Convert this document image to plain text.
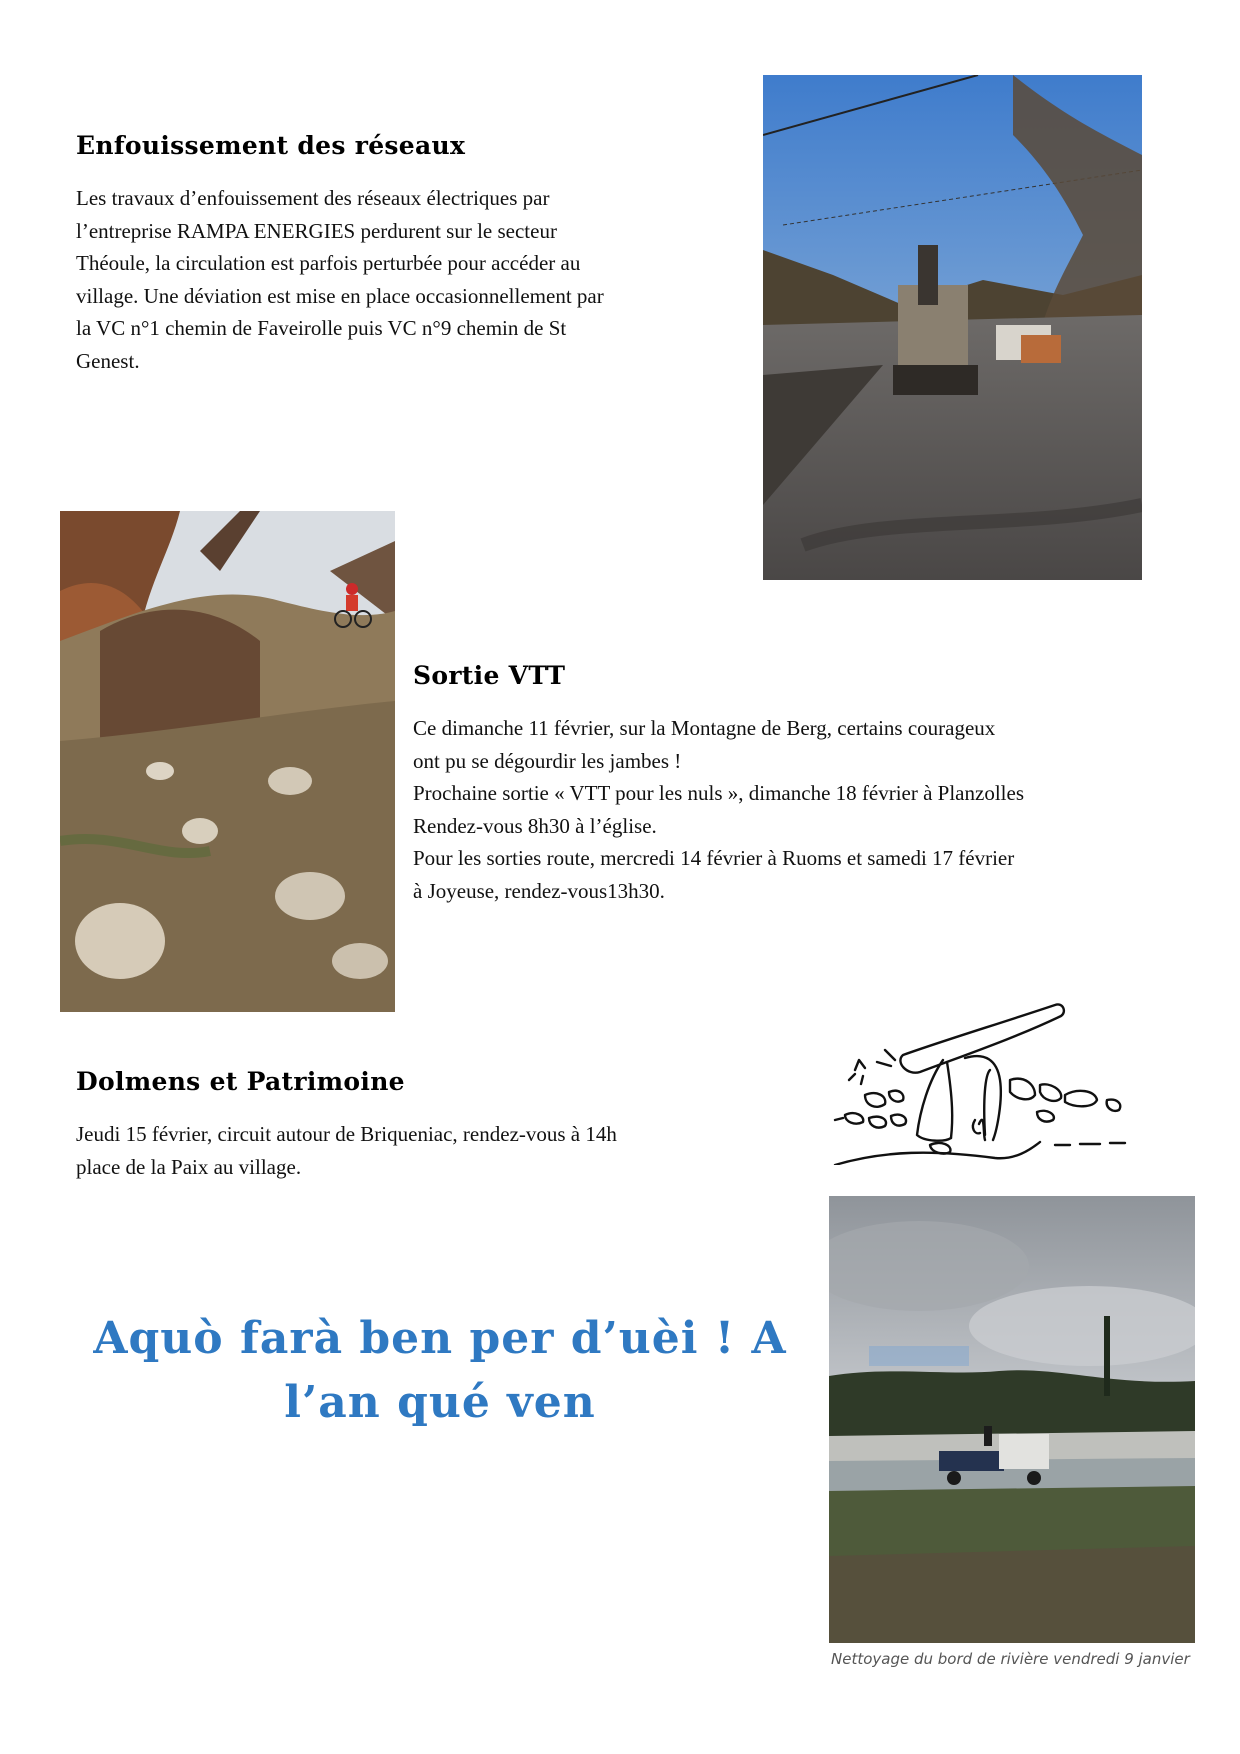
Enfouissement des réseaux

Les travaux d’enfouissement des réseaux électriques par
l’entreprise RAMPA ENERGIES perdurent sur le secteur
Théoule, la circulation est parfois perturbée pour accéder au
village. Une déviation est mise en place occasionnellement par
la VC n°1 chemin de Faveirolle puis VC n°9 chemin de St
Genest.

Sortie VTT

Ce dimanche 11 février, sur la Montagne de Berg, certains courageux
ont pu se dégourdir les jambes !
Prochaine sortie « VTT pour les nuls », dimanche 18 février à Planzolles
Rendez-vous 8h30 à l’église.
Pour les sorties route, mercredi 14 février à Ruoms et samedi 17 février
à Joyeuse, rendez-vous13h30.

Dolmens et Patrimoine

Jeudi 15 février, circuit autour de Briqueniac, rendez-vous à 14h
place de la Paix au village.

Aquò farà ben per d’uèi ! A

l’an qué ven

Nettoyage du bord de rivière vendredi 9 janvier
